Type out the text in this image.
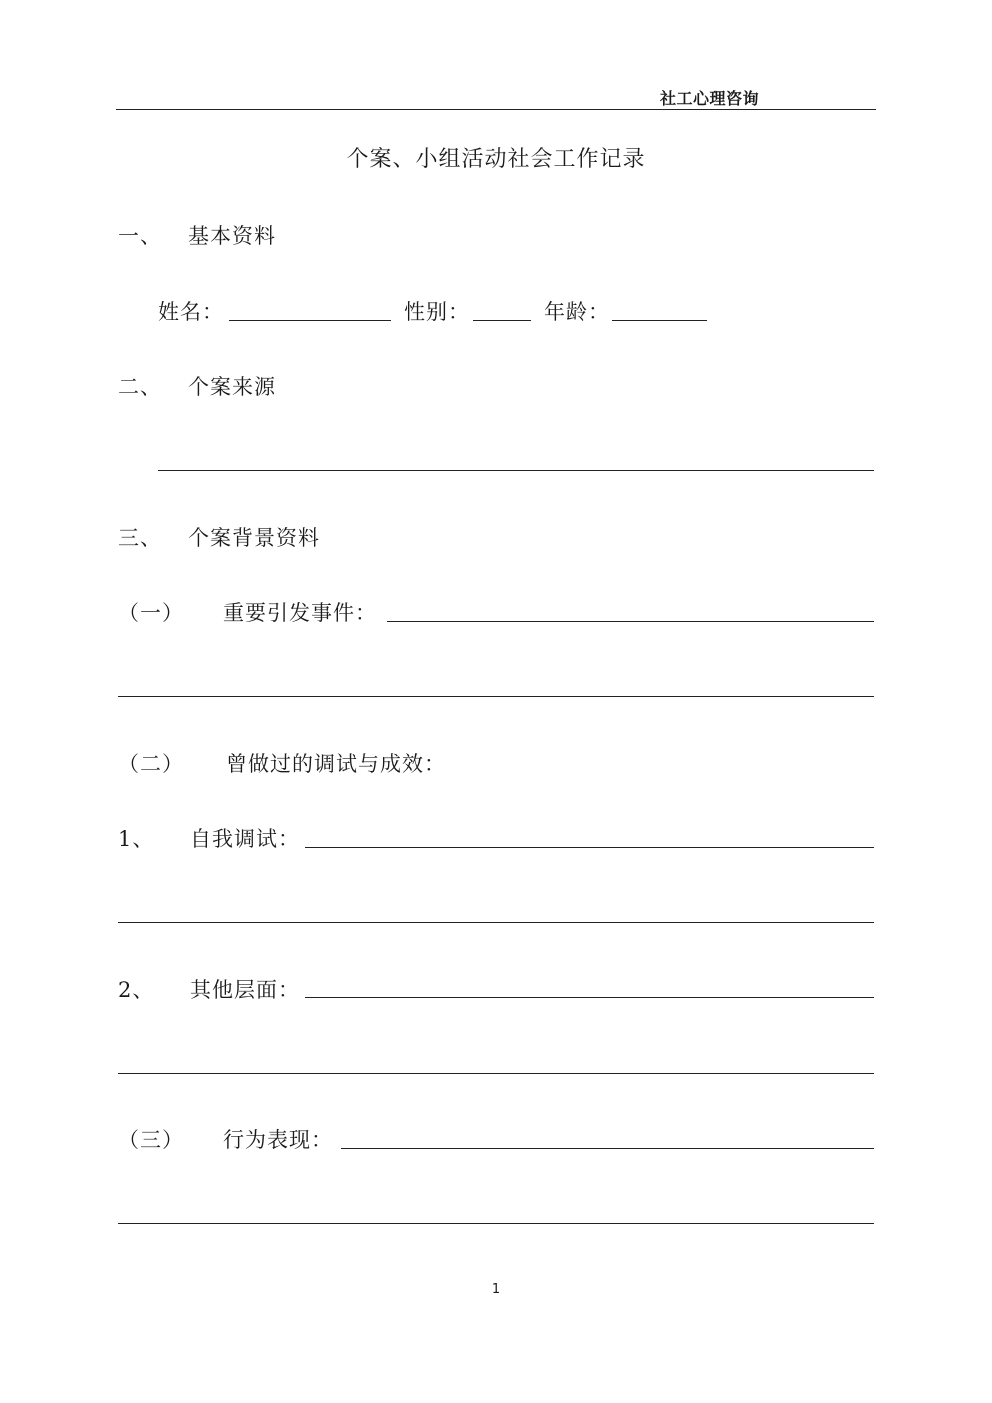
社工心理咨询
个案、小组活动社会工作记录
一、 基本资料
姓名：	性别：	年龄：
二、 个案来源
三、 个案背景资料
（一） 重要引发事件：
（二） 曾做过的调试与成效：
1、 自我调试：
2、 其他层面：
（三） 行为表现：
1
